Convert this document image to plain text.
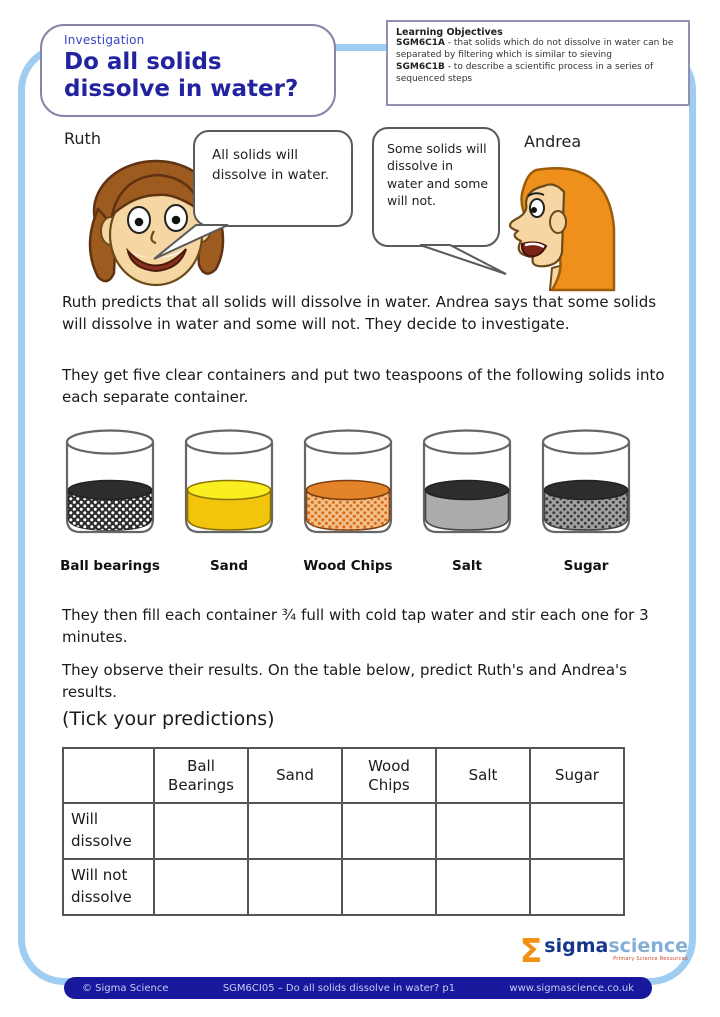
Investigation
Do all solids dissolve in water?
Learning Objectives
SGM6C1A - that solids which do not dissolve in water can be separated by filtering which is similar to sieving
SGM6C1B - to describe a scientific process in a series of sequenced steps
Ruth	Andrea
All solids will dissolve in water.
Some solids will dissolve in water and some will not.
Ruth predicts that all solids will dissolve in water. Andrea says that some solids will dissolve in water and some will not. They decide to investigate.
They get five clear containers and put two teaspoons of the following solids into each separate container.
Ball bearings	Sand	Wood Chips	Salt	Sugar
They then fill each container ¾ full with cold tap water and stir each one for 3 minutes.
They observe their results. On the table below, predict Ruth's and Andrea's results.
(Tick your predictions)
	Ball Bearings	Sand	Wood Chips	Salt	Sugar
Will dissolve					
Will not dissolve					
Σ sigmascience
Primary Science Resources
© Sigma Science	SGM6CI05 – Do all solids dissolve in water? p1	www.sigmascience.co.uk
